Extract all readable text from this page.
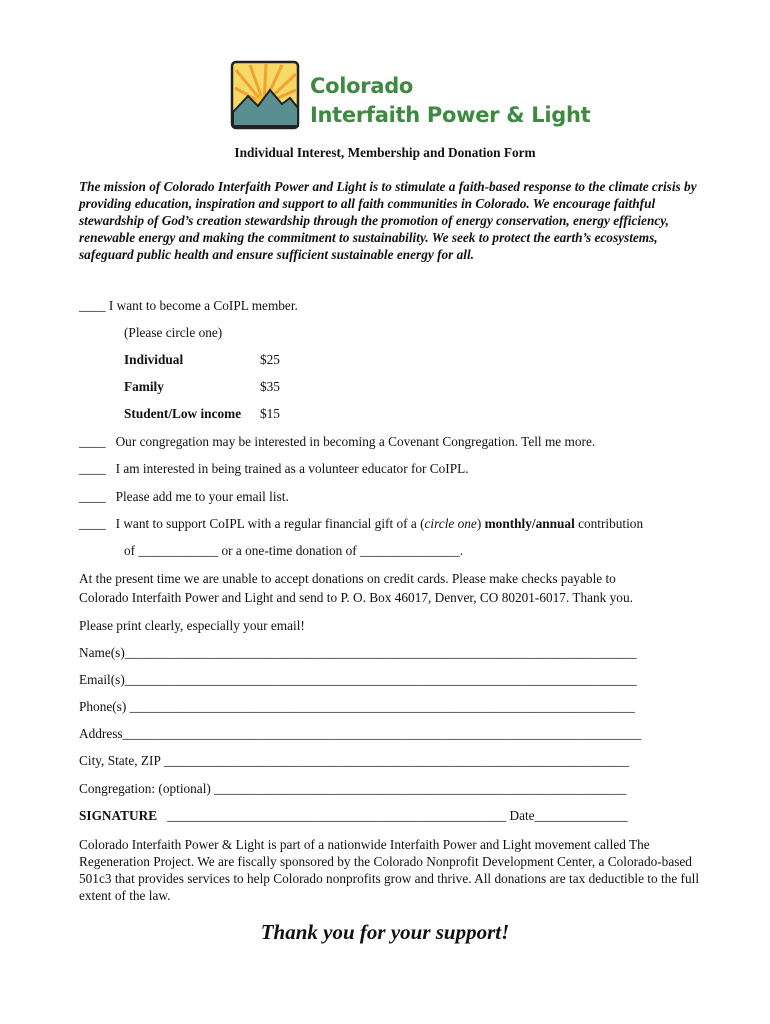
Colorado
Interfaith Power & Light
Individual Interest, Membership and Donation Form
The mission of Colorado Interfaith Power and Light is to stimulate a faith-based response to the climate crisis by providing education, inspiration and support to all faith communities in Colorado. We encourage faithful stewardship of God’s creation stewardship through the promotion of energy conservation, energy efficiency, renewable energy and making the commitment to sustainability. We seek to protect the earth’s ecosystems, safeguard public health and ensure sufficient sustainable energy for all.
____ I want to become a CoIPL member.
(Please circle one)
Individual	$25
Family	$35
Student/Low income $15
____ Our congregation may be interested in becoming a Covenant Congregation. Tell me more.
____ I am interested in being trained as a volunteer educator for CoIPL.
____ Please add me to your email list.
____ I want to support CoIPL with a regular financial gift of a (circle one) monthly/annual contribution
of ____________ or a one-time donation of _______________.
At the present time we are unable to accept donations on credit cards. Please make checks payable to
Colorado Interfaith Power and Light and send to P. O. Box 46017, Denver, CO 80201-6017. Thank you.
Please print clearly, especially your email!
Name(s)_____________________________________________________________________________
Email(s)_____________________________________________________________________________
Phone(s) ____________________________________________________________________________
Address______________________________________________________________________________
City, State, ZIP ______________________________________________________________________
Congregation: (optional) ______________________________________________________________
SIGNATURE ___________________________________________________ Date______________
Colorado Interfaith Power & Light is part of a nationwide Interfaith Power and Light movement called The Regeneration Project. We are fiscally sponsored by the Colorado Nonprofit Development Center, a Colorado-based 501c3 that provides services to help Colorado nonprofits grow and thrive. All donations are tax deductible to the full extent of the law.
Thank you for your support!
